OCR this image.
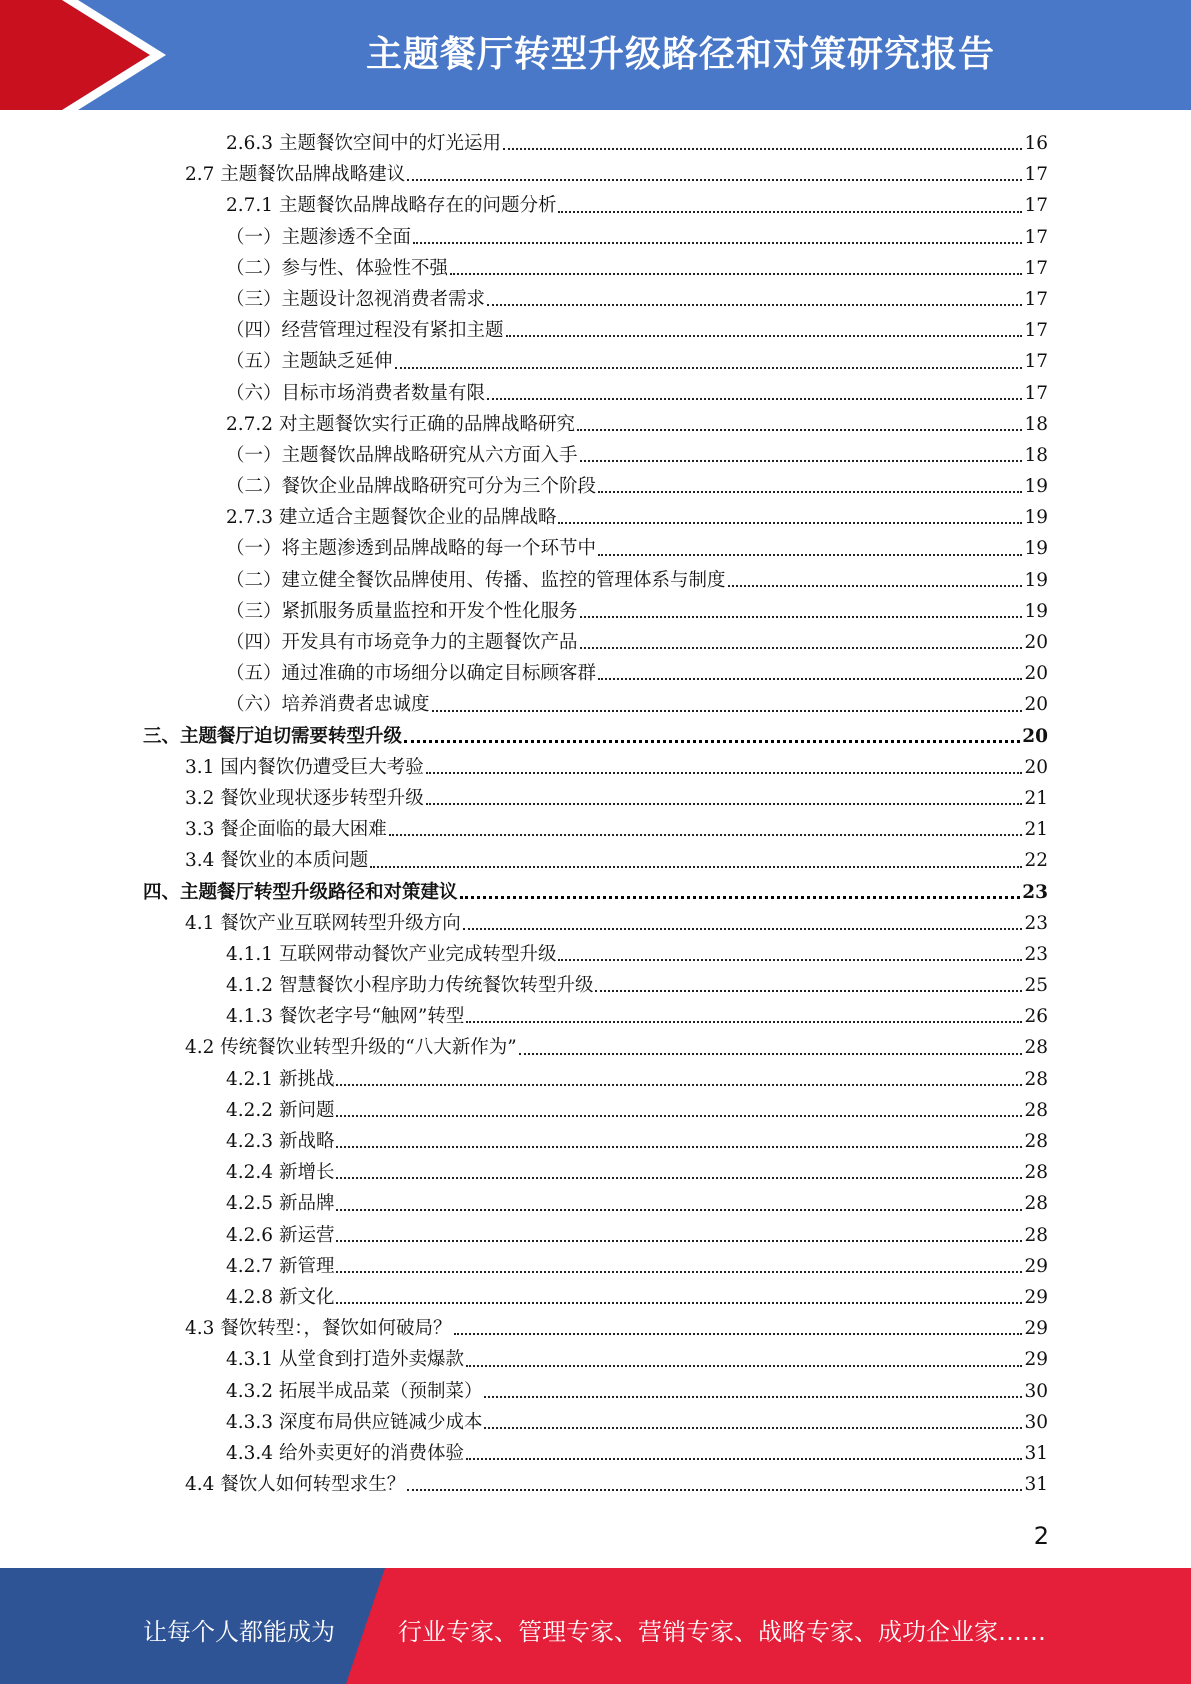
主题餐厅转型升级路径和对策研究报告
2.6.3 主题餐饮空间中的灯光运用	16
2.7 主题餐饮品牌战略建议	17
2.7.1 主题餐饮品牌战略存在的问题分析	17
（一）主题渗透不全面	17
（二）参与性、体验性不强	17
（三）主题设计忽视消费者需求	17
（四）经营管理过程没有紧扣主题	17
（五）主题缺乏延伸	17
（六）目标市场消费者数量有限	17
2.7.2 对主题餐饮实行正确的品牌战略研究	18
（一）主题餐饮品牌战略研究从六方面入手	18
（二）餐饮企业品牌战略研究可分为三个阶段	19
2.7.3 建立适合主题餐饮企业的品牌战略	19
（一）将主题渗透到品牌战略的每一个环节中	19
（二）建立健全餐饮品牌使用、传播、监控的管理体系与制度	19
（三）紧抓服务质量监控和开发个性化服务	19
（四）开发具有市场竞争力的主题餐饮产品	20
（五）通过准确的市场细分以确定目标顾客群	20
（六）培养消费者忠诚度	20
三、主题餐厅迫切需要转型升级	20
3.1 国内餐饮仍遭受巨大考验	20
3.2 餐饮业现状逐步转型升级	21
3.3 餐企面临的最大困难	21
3.4 餐饮业的本质问题	22
四、主题餐厅转型升级路径和对策建议	23
4.1 餐饮产业互联网转型升级方向	23
4.1.1 互联网带动餐饮产业完成转型升级	23
4.1.2 智慧餐饮小程序助力传统餐饮转型升级	25
4.1.3 餐饮老字号“触网”转型	26
4.2 传统餐饮业转型升级的“八大新作为”	28
4.2.1 新挑战	28
4.2.2 新问题	28
4.2.3 新战略	28
4.2.4 新增长	28
4.2.5 新品牌	28
4.2.6 新运营	28
4.2.7 新管理	29
4.2.8 新文化	29
4.3 餐饮转型：，餐饮如何破局？	29
4.3.1 从堂食到打造外卖爆款	29
4.3.2 拓展半成品菜（预制菜）	30
4.3.3 深度布局供应链减少成本	30
4.3.4 给外卖更好的消费体验	31
4.4 餐饮人如何转型求生？	31
2
让每个人都能成为	行业专家、管理专家、营销专家、战略专家、成功企业家……
